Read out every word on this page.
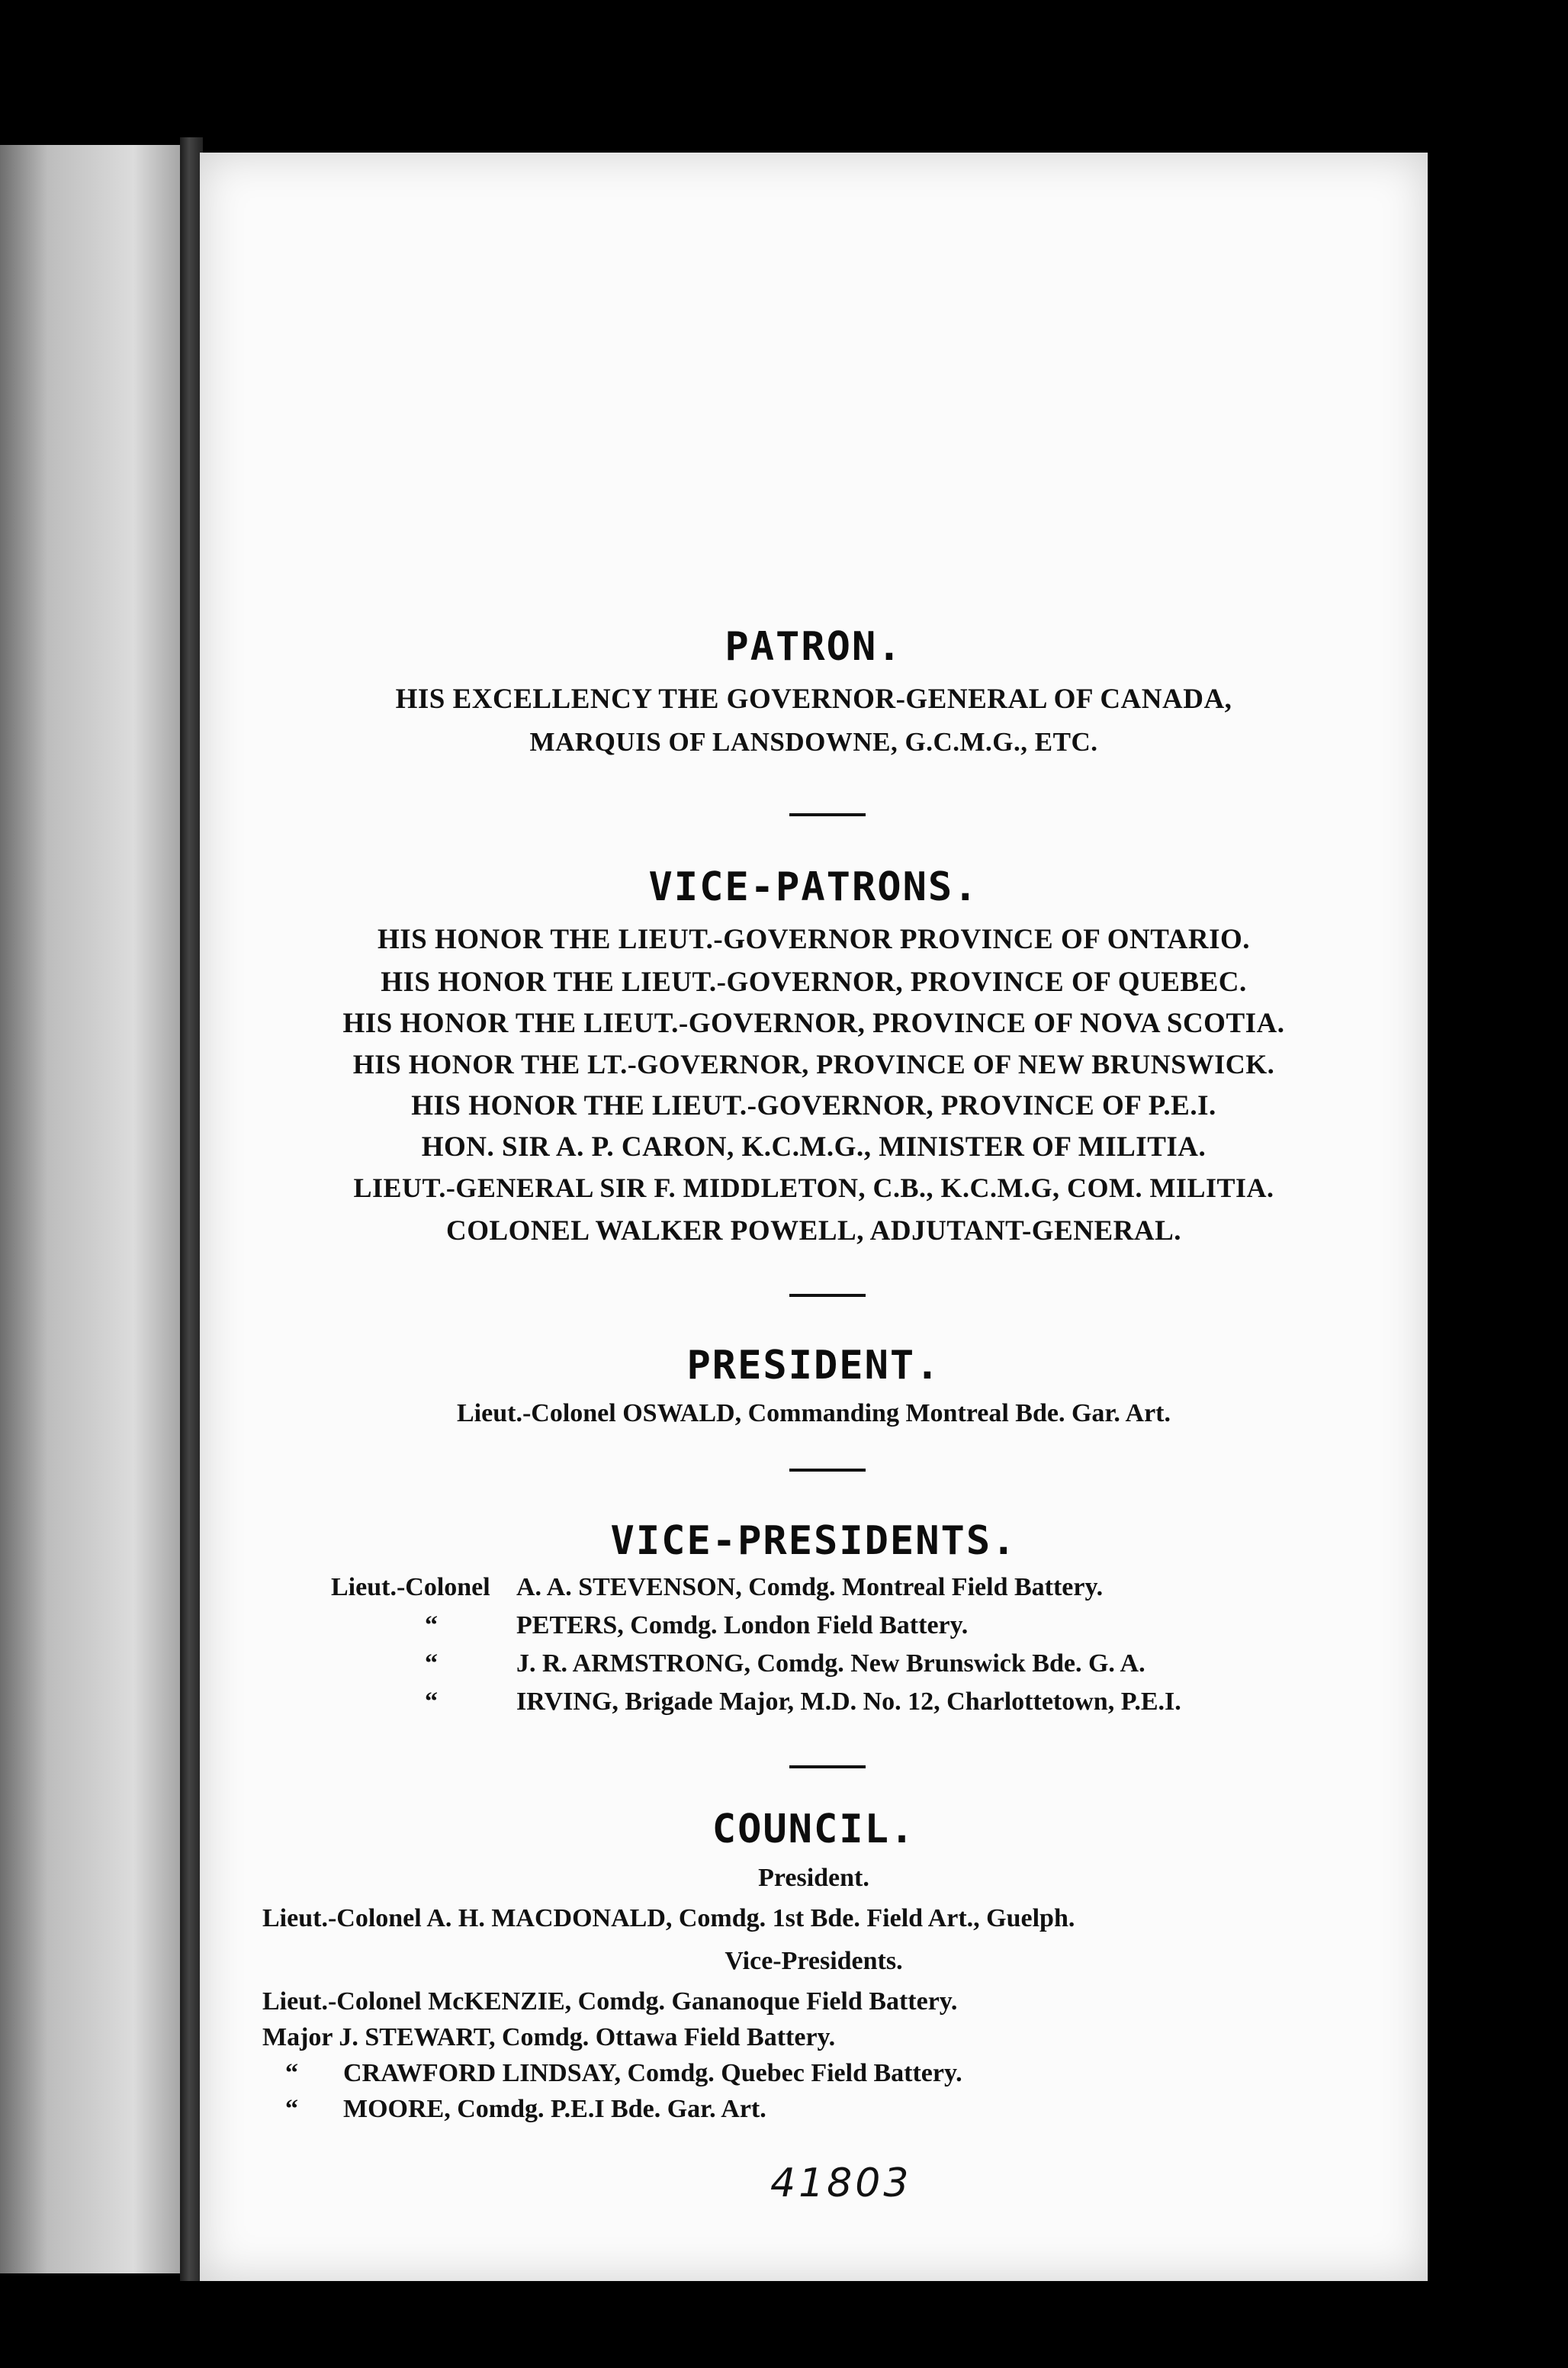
PATRON.
HIS EXCELLENCY THE GOVERNOR-GENERAL OF CANADA,
MARQUIS OF LANSDOWNE, G.C.M.G., ETC.
VICE-PATRONS.
HIS HONOR THE LIEUT.-GOVERNOR PROVINCE OF ONTARIO.
HIS HONOR THE LIEUT.-GOVERNOR, PROVINCE OF QUEBEC.
HIS HONOR THE LIEUT.-GOVERNOR, PROVINCE OF NOVA SCOTIA.
HIS HONOR THE LT.-GOVERNOR, PROVINCE OF NEW BRUNSWICK.
HIS HONOR THE LIEUT.-GOVERNOR, PROVINCE OF P.E.I.
HON. SIR A. P. CARON, K.C.M.G., MINISTER OF MILITIA.
LIEUT.-GENERAL SIR F. MIDDLETON, C.B., K.C.M.G, COM. MILITIA.
COLONEL WALKER POWELL, ADJUTANT-GENERAL.
PRESIDENT.
Lieut.-Colonel OSWALD, Commanding Montreal Bde. Gar. Art.
VICE-PRESIDENTS.
Lieut.-Colonel A. A. STEVENSON, Comdg. Montreal Field Battery.
“	PETERS, Comdg. London Field Battery.
“	J. R. ARMSTRONG, Comdg. New Brunswick Bde. G. A.
“	IRVING, Brigade Major, M.D. No. 12, Charlottetown, P.E.I.
COUNCIL.
President.
Lieut.-Colonel A. H. MACDONALD, Comdg. 1st Bde. Field Art., Guelph.
Vice-Presidents.
Lieut.-Colonel McKENZIE, Comdg. Gananoque Field Battery.
Major J. STEWART, Comdg. Ottawa Field Battery.
“ CRAWFORD LINDSAY, Comdg. Quebec Field Battery.
“ MOORE, Comdg. P.E.I Bde. Gar. Art.
41803
